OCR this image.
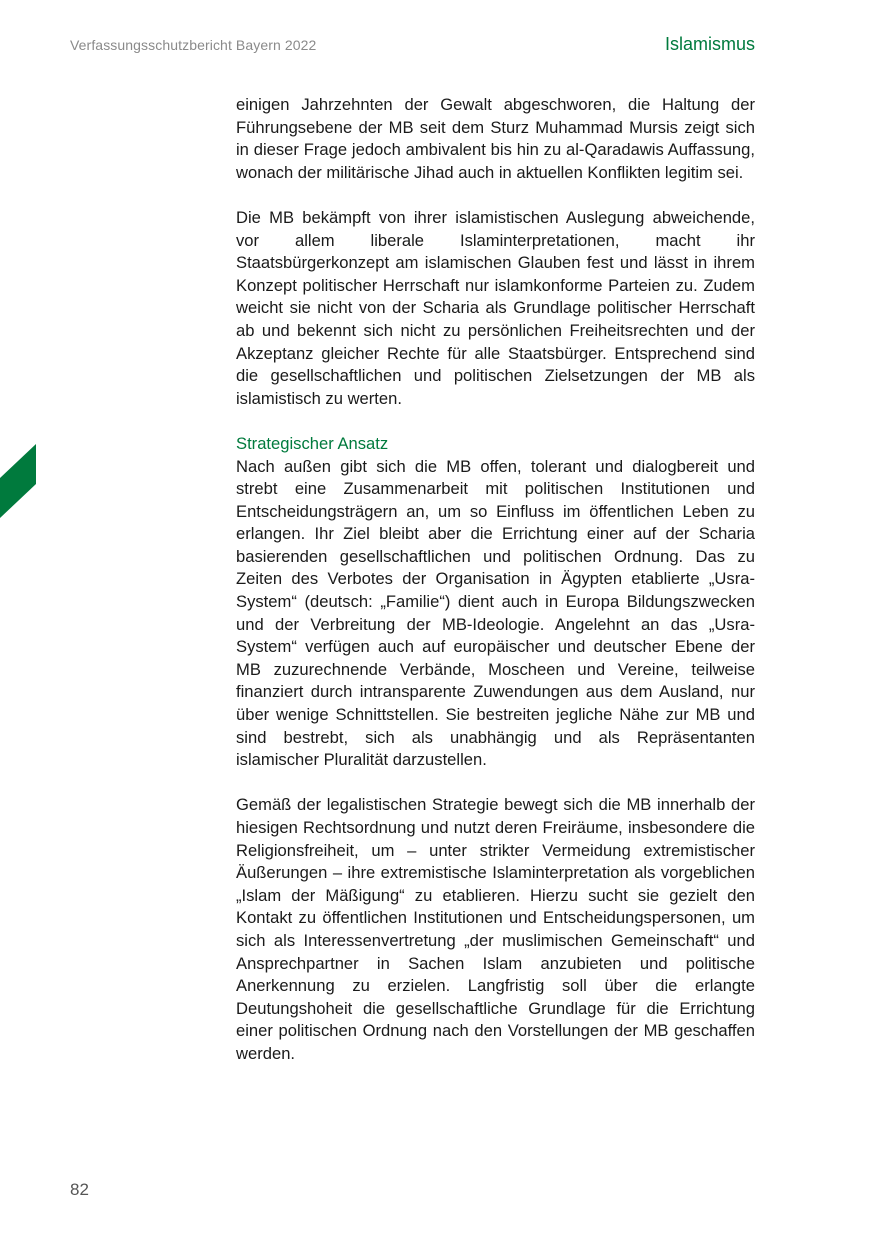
Verfassungsschutzbericht Bayern 2022	Islamismus

einigen Jahrzehnten der Gewalt abgeschworen, die Haltung der Führungsebene der MB seit dem Sturz Muhammad Mursis zeigt sich in dieser Frage jedoch ambivalent bis hin zu al-Qaradawis Auffassung, wonach der militärische Jihad auch in aktuellen Konflikten legitim sei.

Die MB bekämpft von ihrer islamistischen Auslegung abweichende, vor allem liberale Islaminterpretationen, macht ihr Staatsbürgerkonzept am islamischen Glauben fest und lässt in ihrem Konzept politischer Herrschaft nur islamkonforme Parteien zu. Zudem weicht sie nicht von der Scharia als Grundlage politischer Herrschaft ab und bekennt sich nicht zu persönlichen Freiheitsrechten und der Akzeptanz gleicher Rechte für alle Staatsbürger. Entsprechend sind die gesellschaftlichen und politischen Zielsetzungen der MB als islamistisch zu werten.

Strategischer Ansatz

Nach außen gibt sich die MB offen, tolerant und dialogbereit und strebt eine Zusammenarbeit mit politischen Institutionen und Entscheidungsträgern an, um so Einfluss im öffentlichen Leben zu erlangen. Ihr Ziel bleibt aber die Errichtung einer auf der Scharia basierenden gesellschaftlichen und politischen Ordnung. Das zu Zeiten des Verbotes der Organisation in Ägypten etablierte „Usra-System“ (deutsch: „Familie“) dient auch in Europa Bildungszwecken und der Verbreitung der MB-Ideologie. Angelehnt an das „Usra-System“ verfügen auch auf europäischer und deutscher Ebene der MB zuzurechnende Verbände, Moscheen und Vereine, teilweise finanziert durch intransparente Zuwendungen aus dem Ausland, nur über wenige Schnittstellen. Sie bestreiten jegliche Nähe zur MB und sind bestrebt, sich als unabhängig und als Repräsentanten islamischer Pluralität darzustellen.

Gemäß der legalistischen Strategie bewegt sich die MB innerhalb der hiesigen Rechtsordnung und nutzt deren Freiräume, insbesondere die Religionsfreiheit, um – unter strikter Vermeidung extremistischer Äußerungen – ihre extremistische Islaminterpretation als vorgeblichen „Islam der Mäßigung“ zu etablieren. Hierzu sucht sie gezielt den Kontakt zu öffentlichen Institutionen und Entscheidungspersonen, um sich als Interessenvertretung „der muslimischen Gemeinschaft“ und Ansprechpartner in Sachen Islam anzubieten und politische Anerkennung zu erzielen. Langfristig soll über die erlangte Deutungshoheit die gesellschaftliche Grundlage für die Errichtung einer politischen Ordnung nach den Vorstellungen der MB geschaffen werden.

82
